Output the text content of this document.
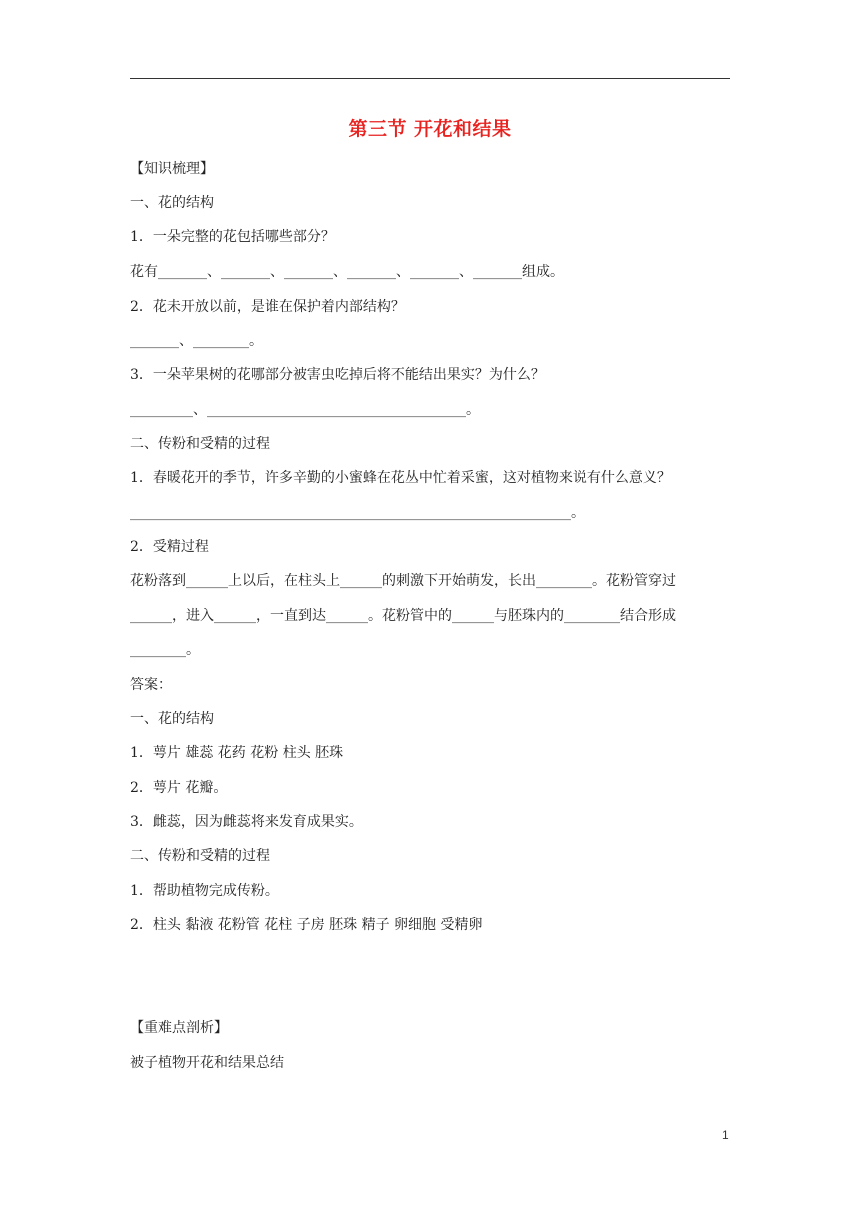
第三节 开花和结果
【知识梳理】
一、花的结构
1．一朵完整的花包括哪些部分？
花有_______、_______、_______、_______、_______、_______组成。
2．花未开放以前，是谁在保护着内部结构？
_______、________。
3．一朵苹果树的花哪部分被害虫吃掉后将不能结出果实？为什么？
_________、_____________________________________。
二、传粉和受精的过程
1．春暖花开的季节，许多辛勤的小蜜蜂在花丛中忙着采蜜，这对植物来说有什么意义？
_______________________________________________________________。
2．受精过程
花粉落到______上以后，在柱头上______的刺激下开始萌发，长出________。花粉管穿过
______，进入______，一直到达______。花粉管中的______与胚珠内的________结合形成
________。
答案：
一、花的结构
1．萼片 雄蕊 花药 花粉 柱头 胚珠
2．萼片 花瓣。
3．雌蕊，因为雌蕊将来发育成果实。
二、传粉和受精的过程
1．帮助植物完成传粉。
2．柱头 黏液 花粉管 花柱 子房 胚珠 精子 卵细胞 受精卵
【重难点剖析】
被子植物开花和结果总结
1
